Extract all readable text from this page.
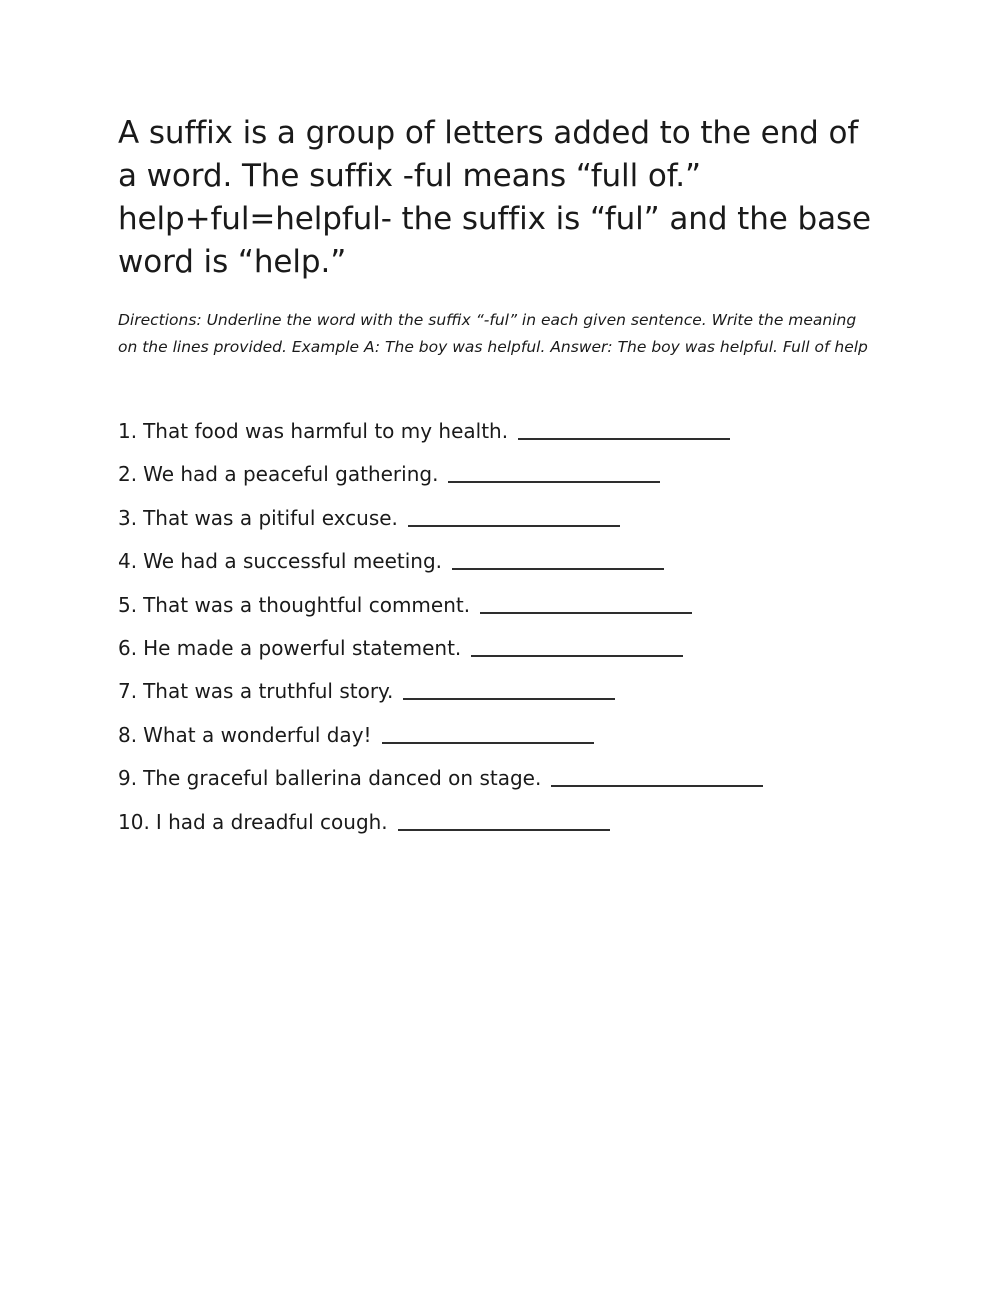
A suffix is a group of letters added to the end of a word. The suffix -ful means “full of.” help+ful=helpful- the suffix is “ful” and the base word is “help.”

Directions: Underline the word with the suffix “-ful” in each given sentence. Write the meaning on the lines provided. Example A: The boy was helpful. Answer: The boy was helpful. Full of help

1. That food was harmful to my health.
2. We had a peaceful gathering.
3. That was a pitiful excuse.
4. We had a successful meeting.
5. That was a thoughtful comment.
6. He made a powerful statement.
7. That was a truthful story.
8. What a wonderful day!
9. The graceful ballerina danced on stage.
10. I had a dreadful cough.
